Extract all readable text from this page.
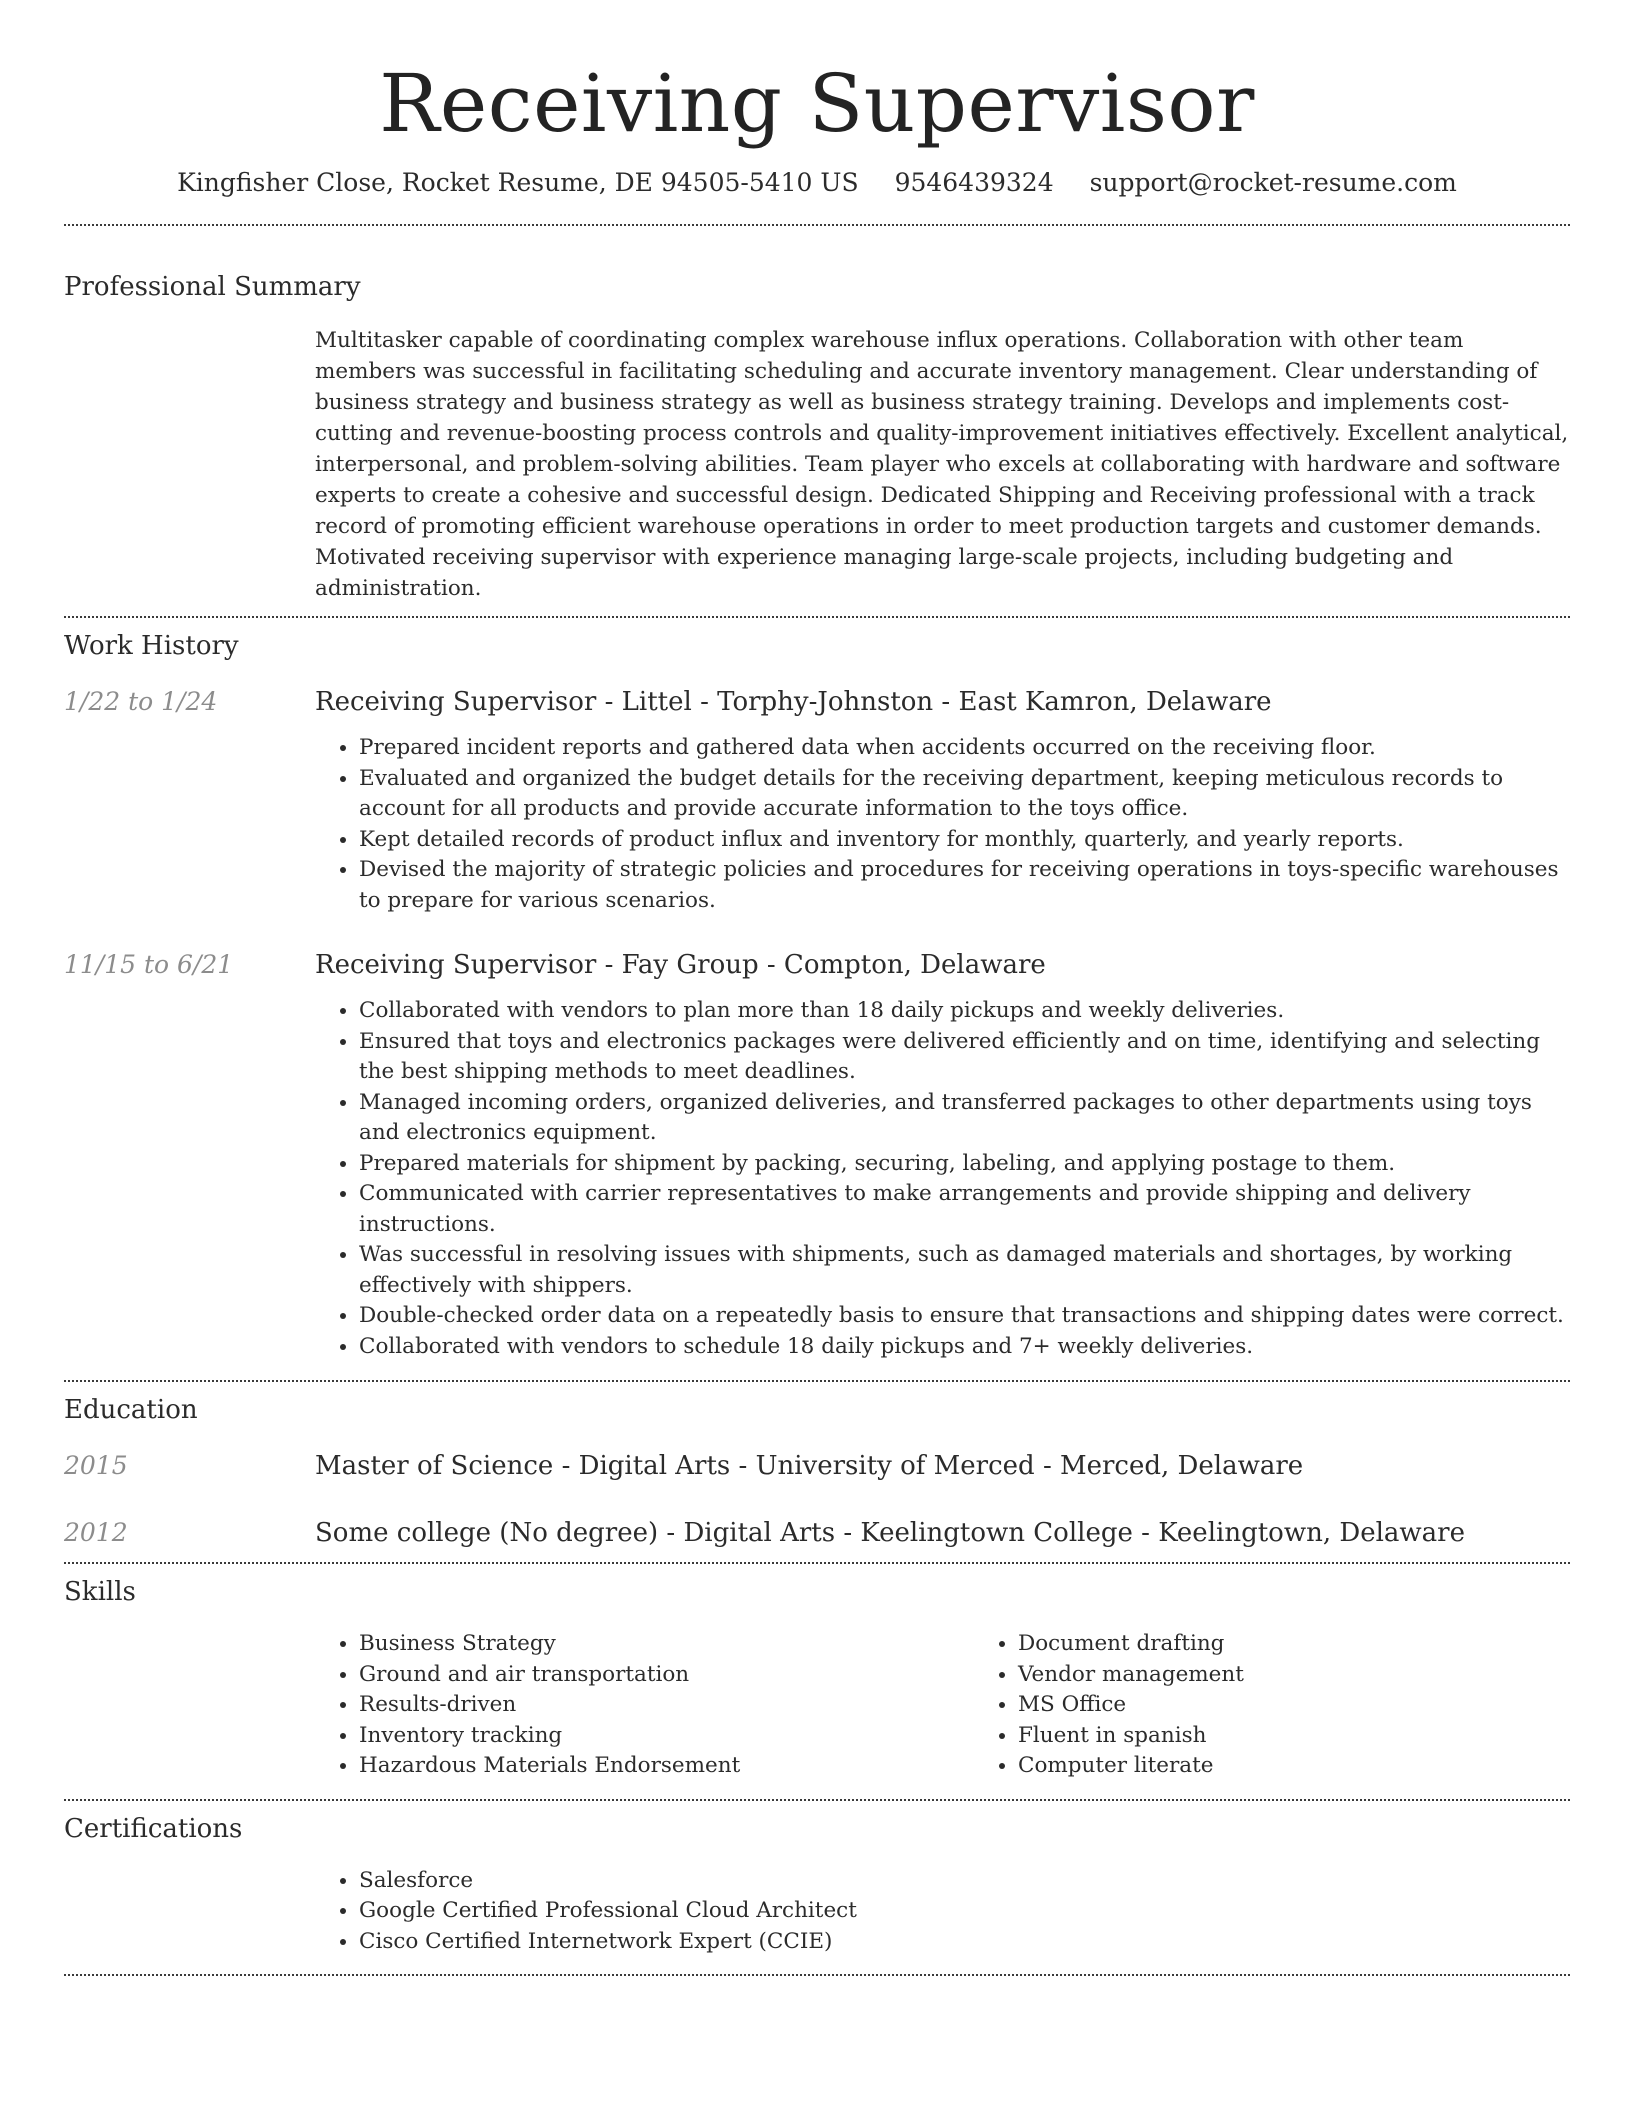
Receiving Supervisor
Kingfisher Close, Rocket Resume, DE 94505-5410 US 9546439324 support@rocket-resume.com
Professional Summary
Multitasker capable of coordinating complex warehouse influx operations. Collaboration with other team members was successful in facilitating scheduling and accurate inventory management. Clear understanding of business strategy and business strategy as well as business strategy training. Develops and implements cost-cutting and revenue-boosting process controls and quality-improvement initiatives effectively. Excellent analytical, interpersonal, and problem-solving abilities. Team player who excels at collaborating with hardware and software experts to create a cohesive and successful design. Dedicated Shipping and Receiving professional with a track record of promoting efficient warehouse operations in order to meet production targets and customer demands. Motivated receiving supervisor with experience managing large-scale projects, including budgeting and administration.
Work History
1/22 to 1/24	Receiving Supervisor - Littel - Torphy-Johnston - East Kamron, Delaware
• Prepared incident reports and gathered data when accidents occurred on the receiving floor.
• Evaluated and organized the budget details for the receiving department, keeping meticulous records to account for all products and provide accurate information to the toys office.
• Kept detailed records of product influx and inventory for monthly, quarterly, and yearly reports.
• Devised the majority of strategic policies and procedures for receiving operations in toys-specific warehouses to prepare for various scenarios.
11/15 to 6/21	Receiving Supervisor - Fay Group - Compton, Delaware
• Collaborated with vendors to plan more than 18 daily pickups and weekly deliveries.
• Ensured that toys and electronics packages were delivered efficiently and on time, identifying and selecting the best shipping methods to meet deadlines.
• Managed incoming orders, organized deliveries, and transferred packages to other departments using toys and electronics equipment.
• Prepared materials for shipment by packing, securing, labeling, and applying postage to them.
• Communicated with carrier representatives to make arrangements and provide shipping and delivery instructions.
• Was successful in resolving issues with shipments, such as damaged materials and shortages, by working effectively with shippers.
• Double-checked order data on a repeatedly basis to ensure that transactions and shipping dates were correct.
• Collaborated with vendors to schedule 18 daily pickups and 7+ weekly deliveries.
Education
2015	Master of Science - Digital Arts - University of Merced - Merced, Delaware
2012	Some college (No degree) - Digital Arts - Keelingtown College - Keelingtown, Delaware
Skills
• Business Strategy
• Ground and air transportation
• Results-driven
• Inventory tracking
• Hazardous Materials Endorsement
• Document drafting
• Vendor management
• MS Office
• Fluent in spanish
• Computer literate
Certifications
• Salesforce
• Google Certified Professional Cloud Architect
• Cisco Certified Internetwork Expert (CCIE)
